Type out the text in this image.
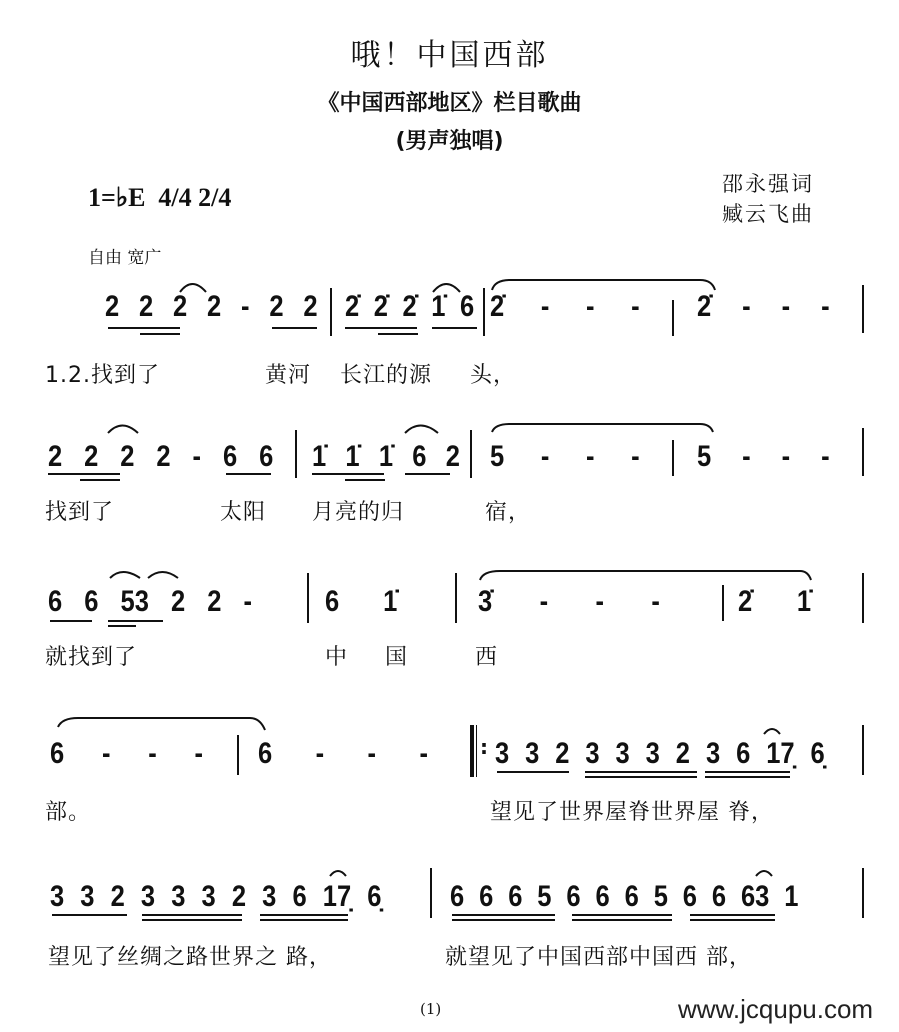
哦！中国西部
《中国西部地区》栏目歌曲
(男声独唱)
1=♭E 4/4 2/4	邵永强词
臧云飞曲
自由 宽广
2 2 2 2 - 2 2 2̇ 2̇ 2̇ 1̇ 6 2̇ - - - 2̇ - - -
1.2.找到了	黄河 长江的源 头，
2 2 2 2 - 6 6 1̇ 1̇ 1̇ 6 2 5 - - - 5 - - -
找到了	太阳 月亮的归	宿，
6 6 53 2 2 - 6 1̇	3̇ - - -	2̇ 1̇
就找到了	中 国	西
6 - - - 6 - - - 3 3 2 3 3 3 2 3 6 17̣ 6̣
:
部。	望见了世界屋脊世界屋 脊，
3 3 2 3 3 3 2 3 6 17̣ 6̣ 6 6 6 5 6 6 6 5 6 6 63 1
望见了丝绸之路世界之 路，	就望见了中国西部中国西 部，
(1)	www.jcqupu.com
